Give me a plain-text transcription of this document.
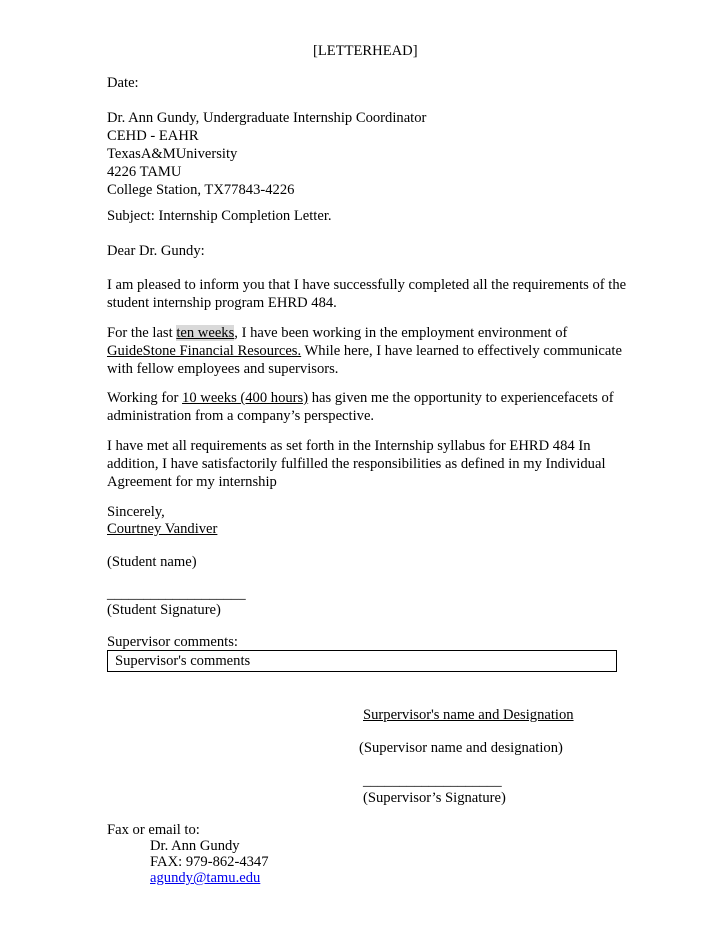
[LETTERHEAD]
Date:
Dr. Ann Gundy, Undergraduate Internship Coordinator
CEHD - EAHR
TexasA&MUniversity
4226 TAMU
College Station, TX77843-4226
Subject: Internship Completion Letter.
Dear Dr. Gundy:

I am pleased to inform you that I have successfully completed all the requirements of the student internship program EHRD 484.

For the last ten weeks, I have been working in the employment environment of GuideStone Financial Resources. While here, I have learned to effectively communicate with fellow employees and supervisors.

Working for 10 weeks (400 hours) has given me the opportunity to experiencefacets of administration from a company’s perspective.

I have met all requirements as set forth in the Internship syllabus for EHRD 484 In addition, I have satisfactorily fulfilled the responsibilities as defined in my Individual Agreement for my internship

Sincerely,
Courtney Vandiver
(Student name)
___________________
(Student Signature)
Supervisor comments:
Supervisor's comments
Surpervisor's name and Designation
(Supervisor name and designation)
___________________
(Supervisor’s Signature)
Fax or email to:
Dr. Ann Gundy
FAX: 979-862-4347
agundy@tamu.edu
